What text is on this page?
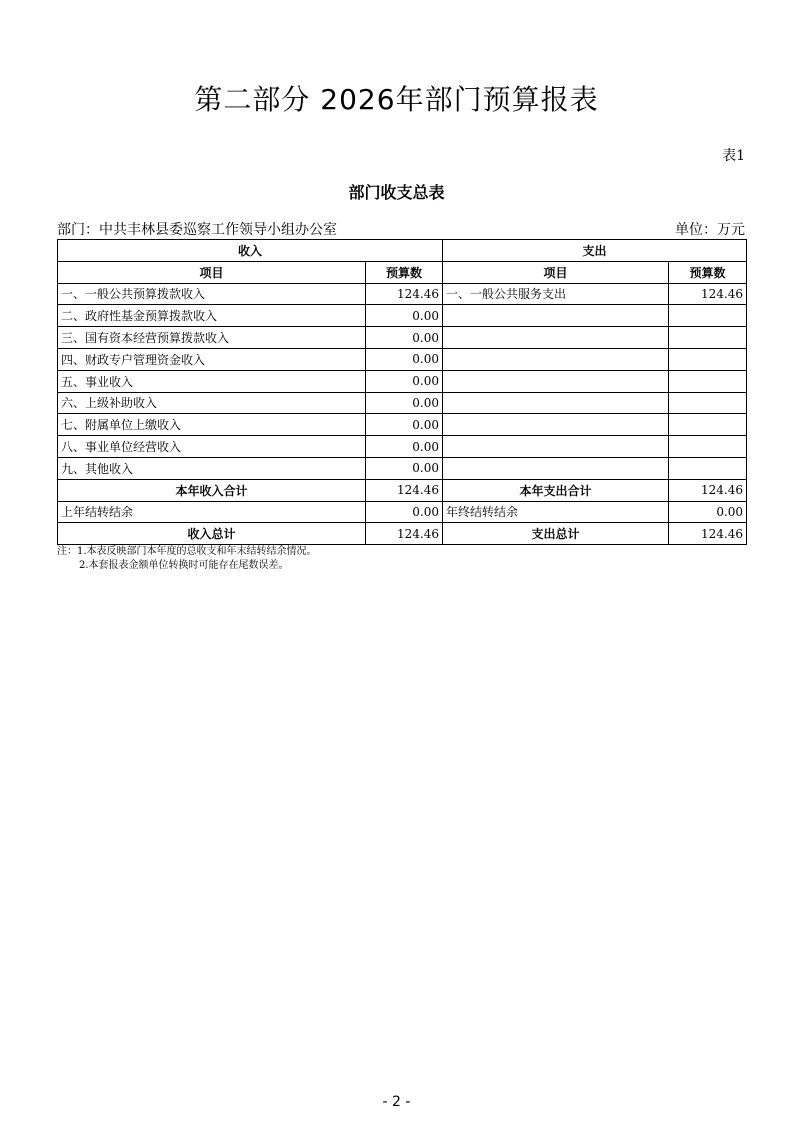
第二部分 2026年部门预算报表
表1
部门收支总表
部门：中共丰林县委巡察工作领导小组办公室	单位：万元
收入		支出	
项目	预算数	项目	预算数
一、一般公共预算拨款收入	124.46	一、一般公共服务支出	124.46
二、政府性基金预算拨款收入	0.00		
三、国有资本经营预算拨款收入	0.00		
四、财政专户管理资金收入	0.00		
五、事业收入	0.00		
六、上级补助收入	0.00		
七、附属单位上缴收入	0.00		
八、事业单位经营收入	0.00		
九、其他收入	0.00		
本年收入合计	124.46	本年支出合计	124.46
上年结转结余	0.00	年终结转结余	0.00
收入总计	124.46	支出总计	124.46
注：1.本表反映部门本年度的总收支和年末结转结余情况。
2.本套报表金额单位转换时可能存在尾数误差。
- 2 -
